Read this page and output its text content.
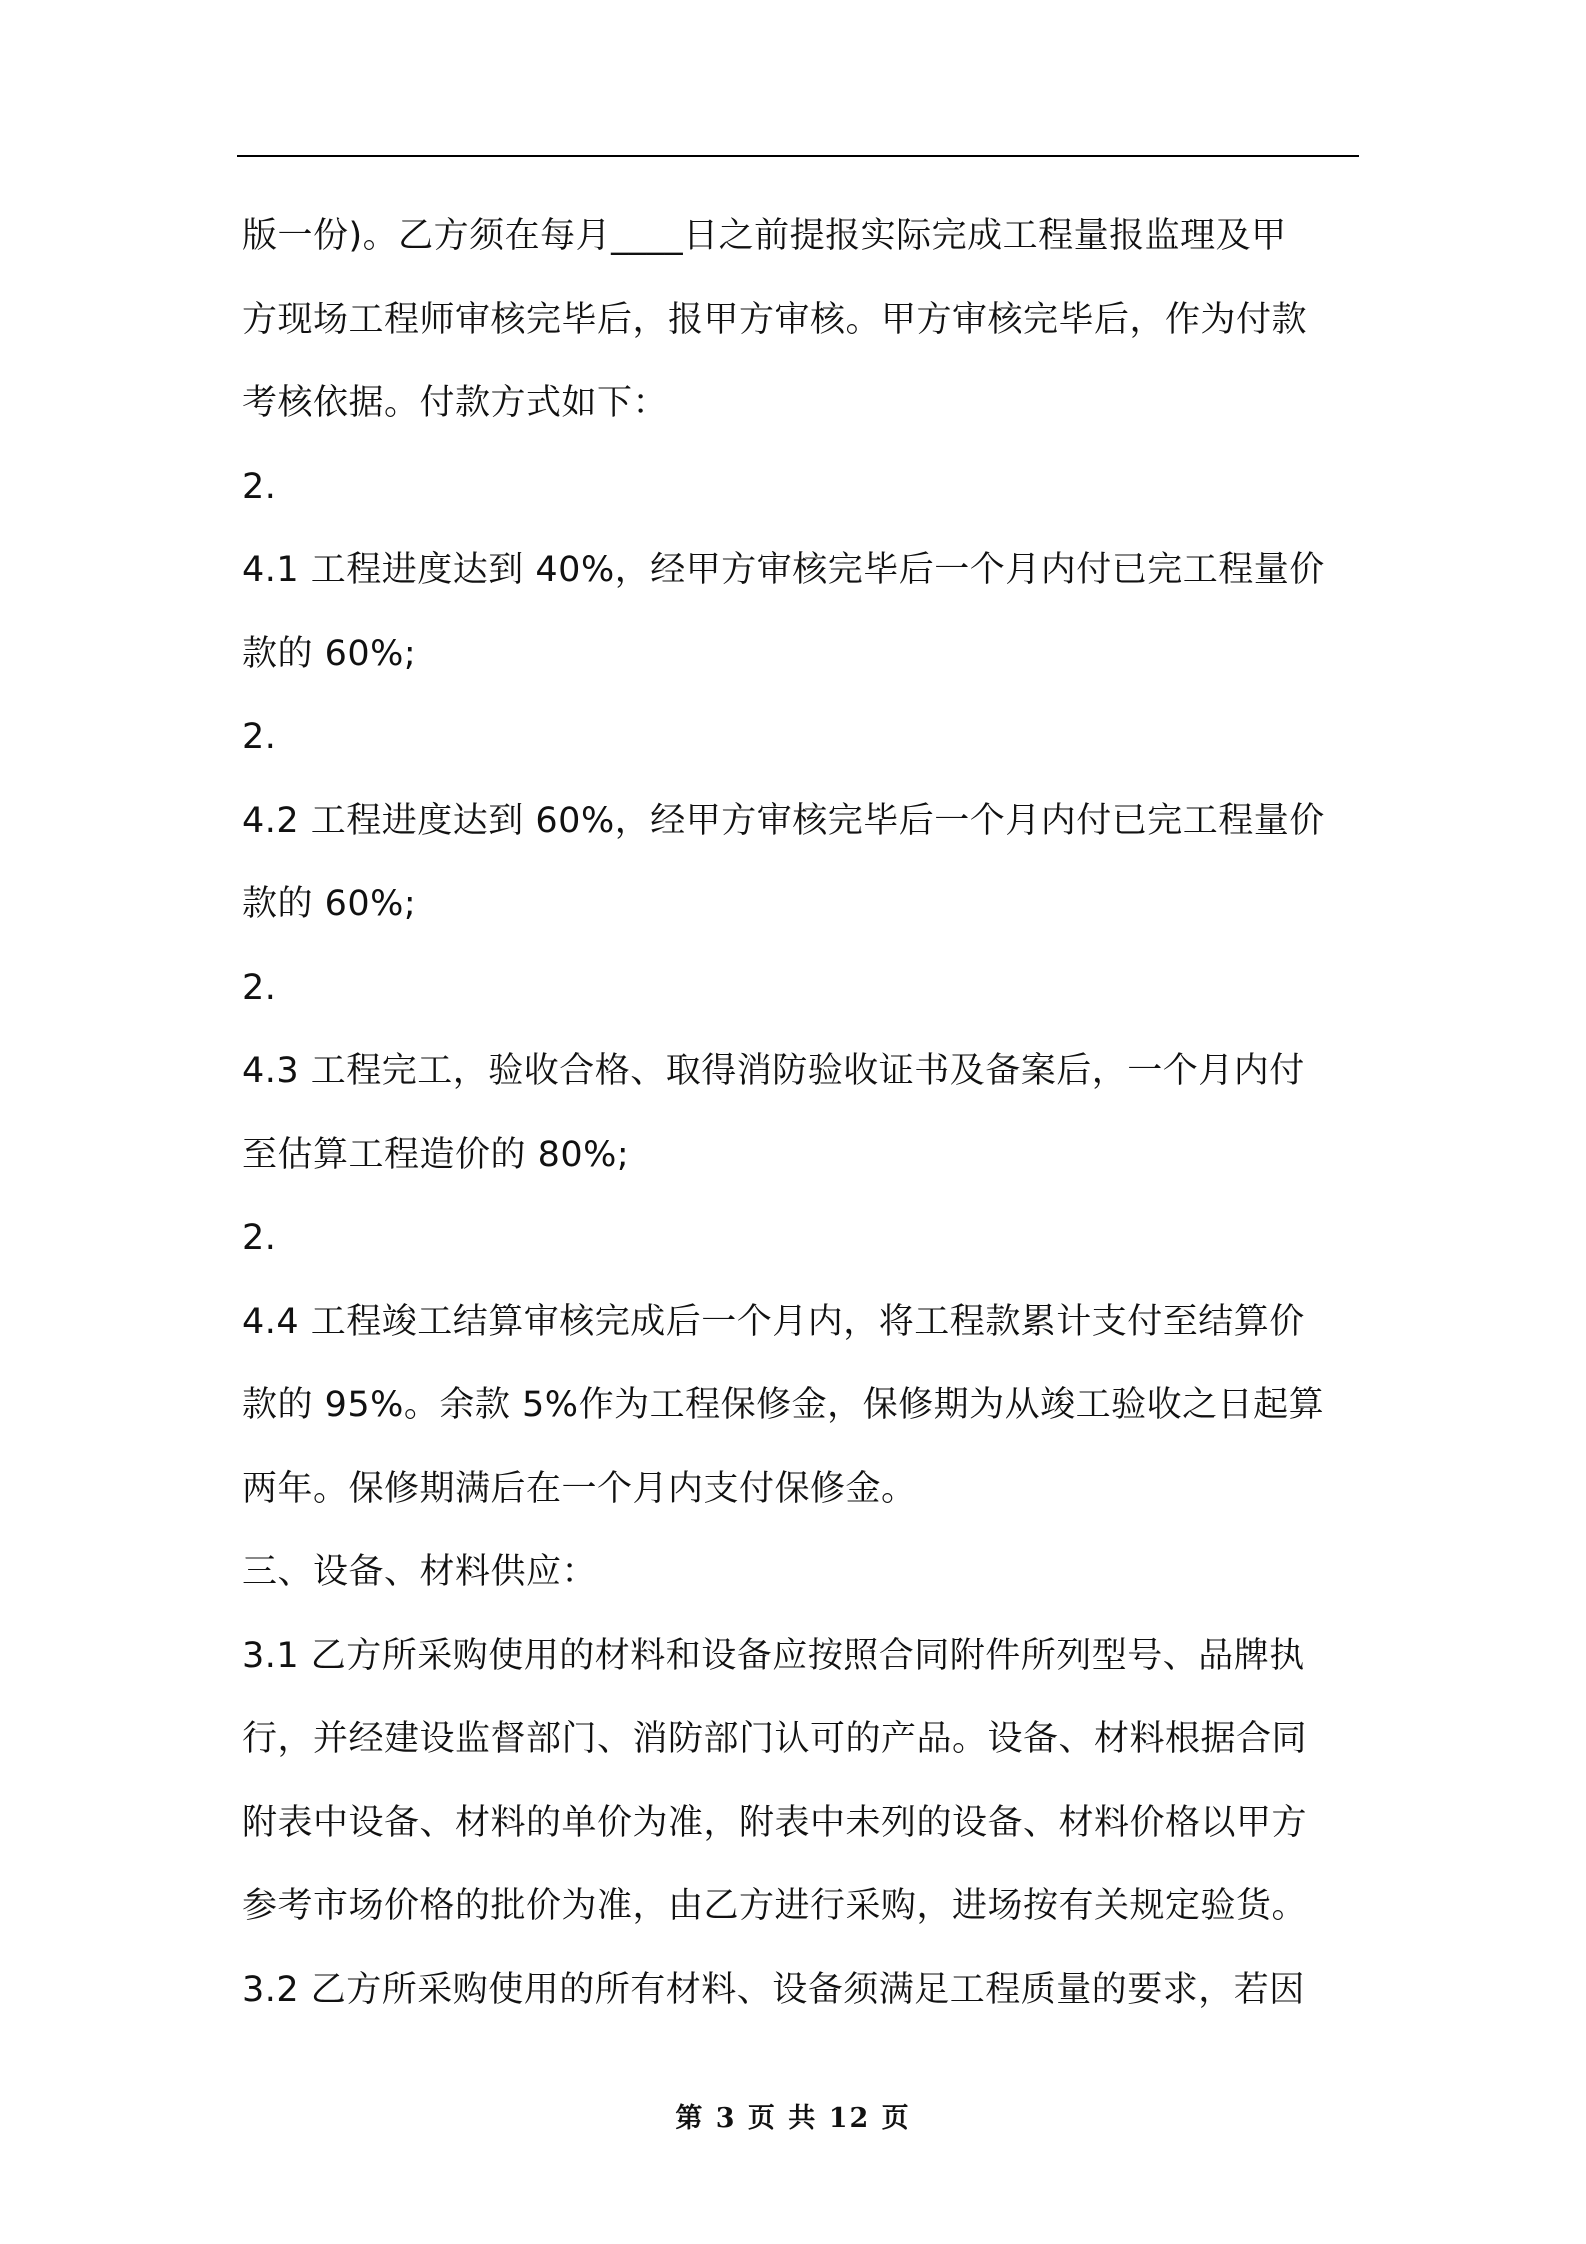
版一份)。乙方须在每月____日之前提报实际完成工程量报监理及甲
方现场工程师审核完毕后，报甲方审核。甲方审核完毕后，作为付款
考核依据。付款方式如下：
2.
4.1 工程进度达到 40%，经甲方审核完毕后一个月内付已完工程量价
款的 60%;
2.
4.2 工程进度达到 60%，经甲方审核完毕后一个月内付已完工程量价
款的 60%;
2.
4.3 工程完工，验收合格、取得消防验收证书及备案后，一个月内付
至估算工程造价的 80%;
2.
4.4 工程竣工结算审核完成后一个月内，将工程款累计支付至结算价
款的 95%。余款 5%作为工程保修金，保修期为从竣工验收之日起算
两年。保修期满后在一个月内支付保修金。
三、设备、材料供应：
3.1 乙方所采购使用的材料和设备应按照合同附件所列型号、品牌执
行，并经建设监督部门、消防部门认可的产品。设备、材料根据合同
附表中设备、材料的单价为准，附表中未列的设备、材料价格以甲方
参考市场价格的批价为准，由乙方进行采购，进场按有关规定验货。
3.2 乙方所采购使用的所有材料、设备须满足工程质量的要求，若因
第 3 页 共 12 页
